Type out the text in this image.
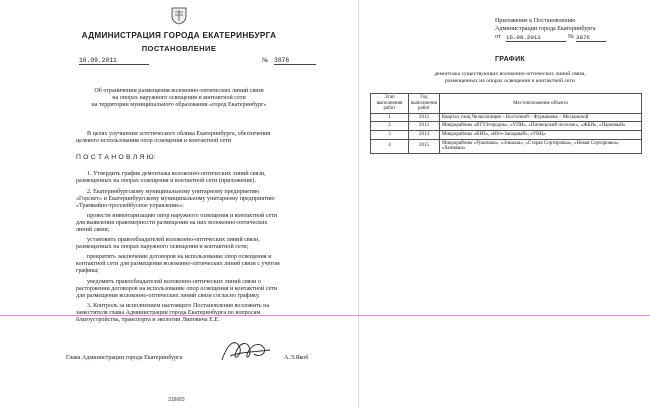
АДМИНИСТРАЦИЯ ГОРОДА ЕКАТЕРИНБУРГА
ПОСТАНОВЛЕНИЕ
16.09.2011	№ 3876
Об ограничении размещения волоконно-оптических линий связи
на опорах наружного освещения и контактной сети
на территории муниципального образования «город Екатеринбург»
В целях улучшения эстетического облика Екатеринбурга, обеспечения
целевого использования опор освещения и контактной сети
П О С Т А Н О В Л Я Ю:
1. Утвердить график демонтажа волоконно-оптических линий связи,
размещенных на опорах освещения и контактной сети (приложение).
2. Екатеринбургскому муниципальному унитарному предприятию
«Горсвет» и Екатеринбургскому муниципальному унитарному предприятию
«Трамвайно-троллейбусное управление»:
провести инвентаризацию опор наружного освещения и контактной сети
для выявления правомерности размещения на них волоконно-оптических
линий связи;
установить правообладателей волоконно-оптических линий связи,
размещенных на опорах наружного освещения и контактной сети;
прекратить заключение договоров на использование опор освещения и
контактной сети для размещения волоконно-оптических линий связи с учетом
графика;
уведомить правообладателей волоконно-оптических линий связи о
расторжении договоров на использование опор освещения и контактной сети
для размещения волоконно-оптических линий связи согласно графику.
3. Контроль за исполнением настоящего Постановления возложить на
заместителя главы Администрации города Екатеринбурга по вопросам
благоустройства, транспорта и экологии Липовича Е.Е.
Глава Администрации города Екатеринбурга	А.Э.Якоб
318683
Приложение к Постановлению
Администрации города Екатеринбурга
от 16.09.2011	№ 3876
ГРАФИК
демонтажа существующих волоконно-оптических линий связи,
размещенных на опорах освещения и контактной сети
Этап выполнения работ	Год выполнения работ	Местоположение объекта
1	2012	Квартал улиц Челюскинцев – Восточной – Фурманова – Московской
2	2013	Микрорайоны «ВТУЗгородок», «УПИ», «Пионерский поселок», «ЖБИ», «Парковый»
3	2014	Микрорайоны «ВИЗ», «Юго-Западный», «УНЦ»
4	2015	Микрорайоны «Уралмаш», «Эльмаш», «Старая Сортировка», «Новая Сортировка», «Химмаш»
